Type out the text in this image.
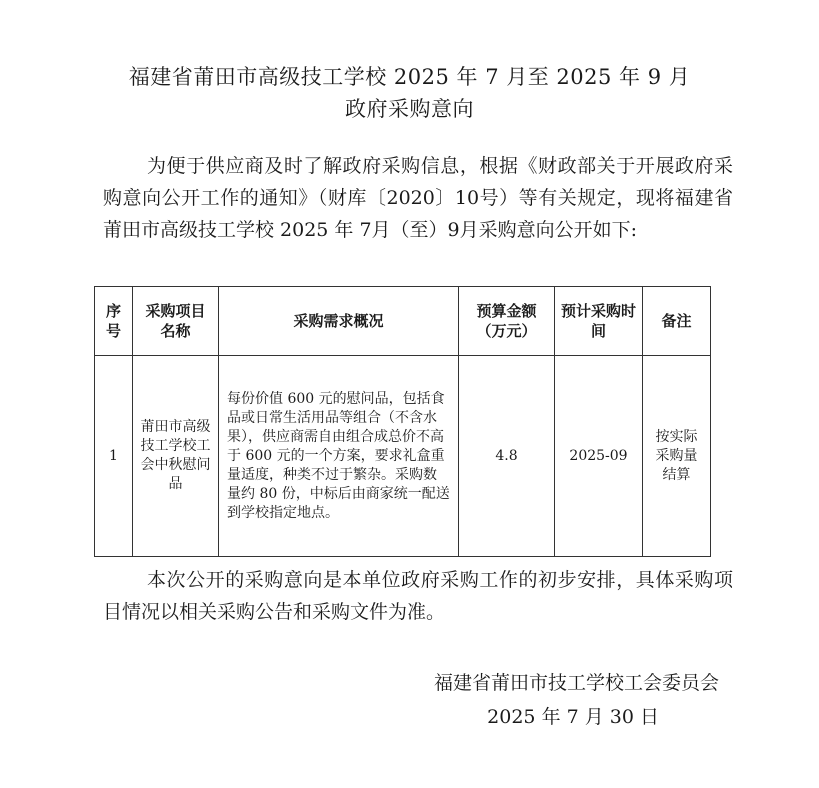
福建省莆田市高级技工学校 2025 年 7 月至 2025 年 9 月
政府采购意向
为便于供应商及时了解政府采购信息，根据《财政部关于开展政府采购意向公开工作的通知》（财库〔2020〕10号）等有关规定，现将福建省莆田市高级技工学校 2025 年 7月（至）9月采购意向公开如下:
序号	采购项目名称	采购需求概况	预算金额（万元）	预计采购时间	备注
1	莆田市高级技工学校工会中秋慰问品	每份价值 600 元的慰问品，包括食品或日常生活用品等组合（不含水果），供应商需自由组合成总价不高于 600 元的一个方案，要求礼盒重量适度，种类不过于繁杂。采购数量约 80 份，中标后由商家统一配送到学校指定地点。	4.8	2025-09	按实际采购量结算
本次公开的采购意向是本单位政府采购工作的初步安排，具体采购项目情况以相关采购公告和采购文件为准。
福建省莆田市技工学校工会委员会
2025 年 7 月 30 日
